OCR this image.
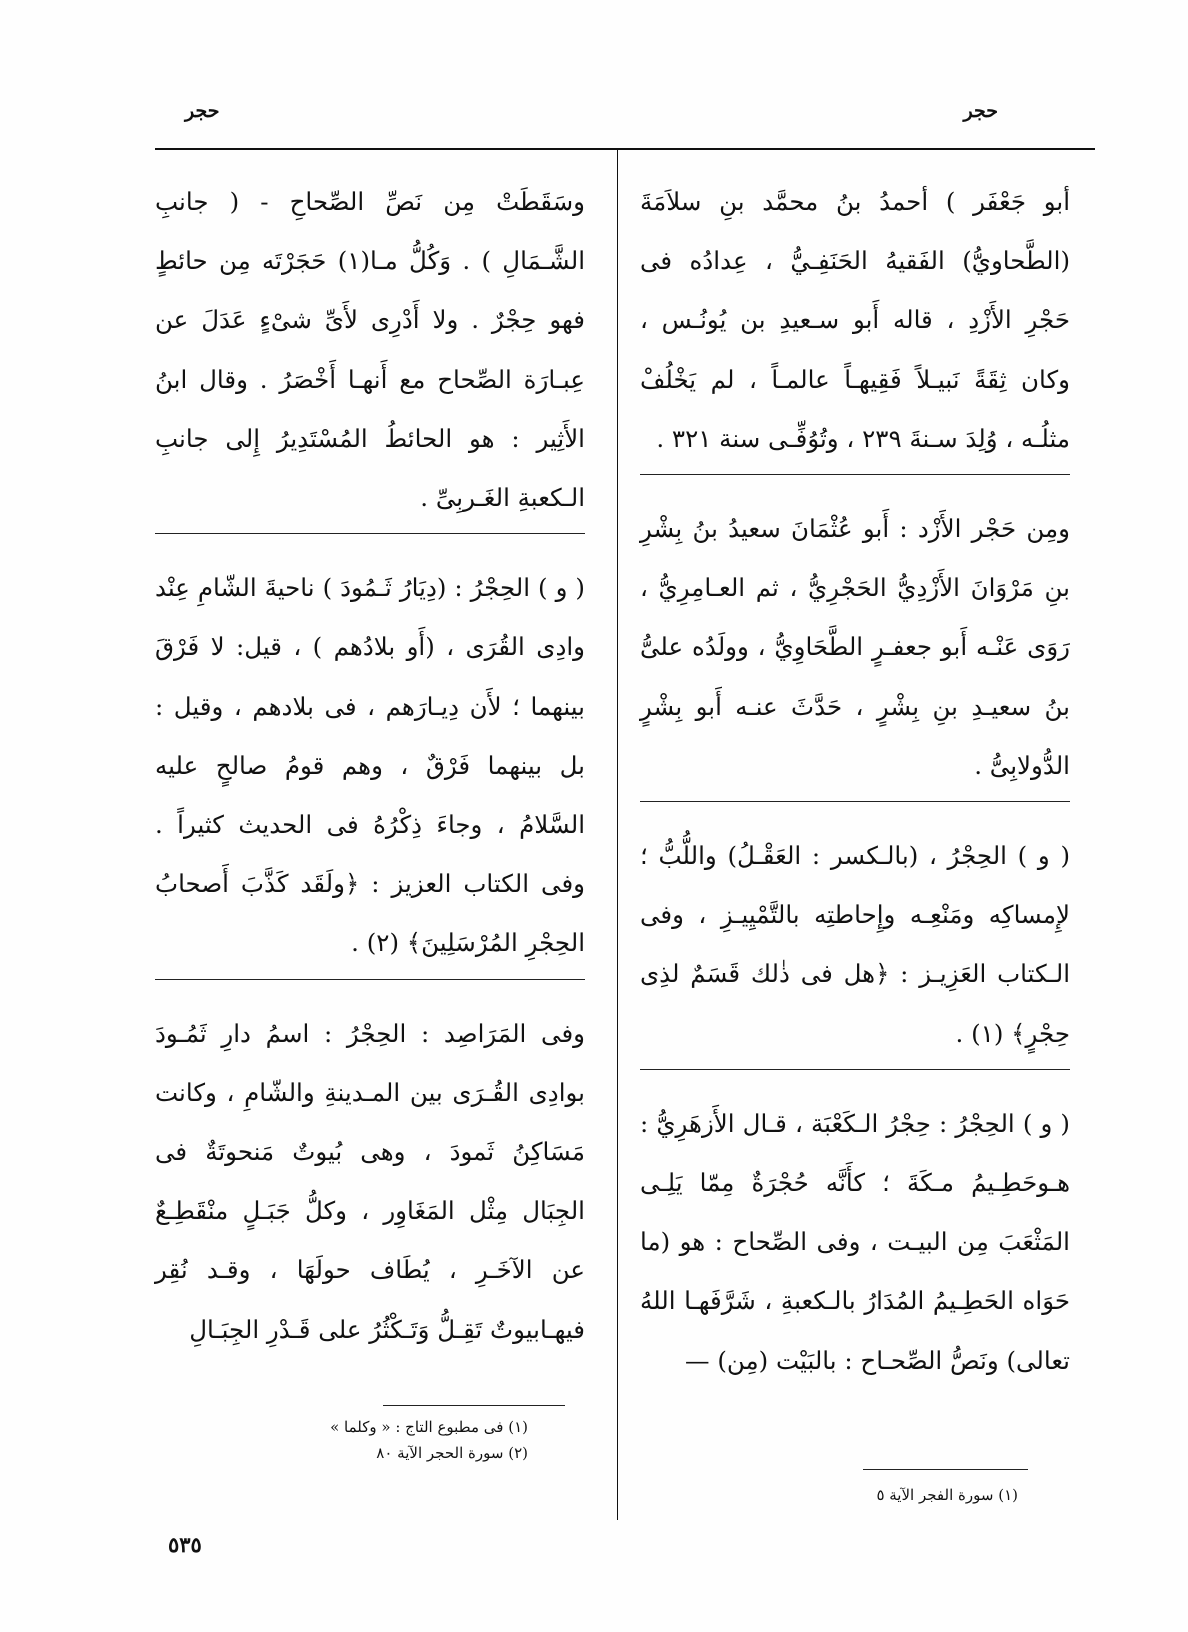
حجر
حجر

أبو جَعْفَر ) أحمدُ بنُ محمَّد بنِ سلاَمَةَ (الطَّحاويُّ) الفَقيهُ الحَنَفِـيُّ ، عِدادُه فى حَجْرِ الأَزْدِ ، قاله أَبو سـعيدِ بن يُونُـس ، وكان ثِقَةً نَبيـلاً فَقِيهـاً عالمـاً ، لم يَخْلُفْ مثلُـه ، وُلِدَ سـنةَ ٢٣٩ ، وتُوُفِّـى سنة ٣٢١ .

ومِن حَجْر الأَزْد : أَبو عُثْمَانَ سعيدُ بنُ بِشْرِ بنِ مَرْوَانَ الأَزْدِيُّ الحَجْرِيُّ ، ثم العـامِرِيُّ ، رَوَى عَنْـه أَبو جعفـرٍ الطَّحَاوِيُّ ، وولَدُه علىُّ بنُ سعيـدِ بنِ بِشْرٍ ، حَدَّثَ عنـه أَبو بِشْرٍ الدُّولابِىُّ .

( و ) الحِجْرُ ، (بالـكسر : العَقْـلُ) واللُّبُّ ؛ لإِمساكِه ومَنْعِـه وإِحاطتِه بالتَّمْيِيـزِ ، وفى الـكتاب العَزِيـز : ﴿هل فى ذٰلك قَسَمٌ لذِى حِجْرٍ﴾ (١) .

( و ) الحِجْرُ : حِجْرُ الـكَعْبَة ، قـال الأَزهَرِيُّ : هـوحَطِـيمُ مـكَةَ ؛ كأَنَّه حُجْرَةٌ مِمّا يَلِـى المَثْعَبَ مِن البيـت ، وفى الصِّحاح : هو (ما حَوَاه الحَطِـيمُ المُدَارُ بالـكعبةِ ، شَرَّفَهـا اللهُ تعالى) ونَصُّ الصِّحـاح : بالبَيْت (مِن) —

وسَقَطَتْ مِن نَصِّ الصِّحاحِ - ( جانبِ الشَّـمَالِ ) . وَكُلُّ مـا(١) حَجَرْتَه مِن حائطٍ فهو حِجْرٌ . ولا أَدْرِى لأَىِّ شىْءٍ عَدَلَ عن عِبـارَة الصِّحاح مع أَنهـا أَخْصَرُ . وقال ابنُ الأَثِير : هو الحائطُ المُسْتَدِيرُ إِلى جانبِ الـكعبةِ الغَـربِىِّ .

( و ) الحِجْرُ : (دِيَارُ ثَـمُودَ ) ناحيةَ الشّامِ عِنْد وادِى القُرَى ، (أَو بلادُهم ) ، قيل: لا فَرْقَ بينهما ؛ لأَن دِيـارَهم ، فى بلادهم ، وقيل : بل بينهما فَرْقٌ ، وهم قومُ صالحٍ عليه السَّلامُ ، وجاءَ ذِكْرُهُ فى الحديث كثيراً . وفى الكتاب العزيز : ﴿ولَقَد كَذَّبَ أَصحابُ الحِجْرِ المُرْسَلِينَ﴾ (٢) .

وفى المَرَاصِد : الحِجْرُ : اسمُ دارِ ثَمُـودَ بوادِى القُـرَى بين المـدينةِ والشّامِ ، وكانت مَسَاكِنُ ثَمودَ ، وهى بُيوتٌ مَنحوتَةٌ فى الجِبَال مِثْل المَغَاوِر ، وكلُّ جَبَـلٍ منْقَطِـعٌ عن الآخَـرِ ، يُطَاف حولَهَا ، وقـد نُقِر فيهـابيوتٌ تَقِـلُّ وَتَـكْثُرُ على قَـدْرِ الجِبَـالِ

(١) سورة الفجر الآية ٥
(١) فى مطبوع التاج : « وكلما »
(٢) سورة الحجر الآية ٨٠
٥٣٥
